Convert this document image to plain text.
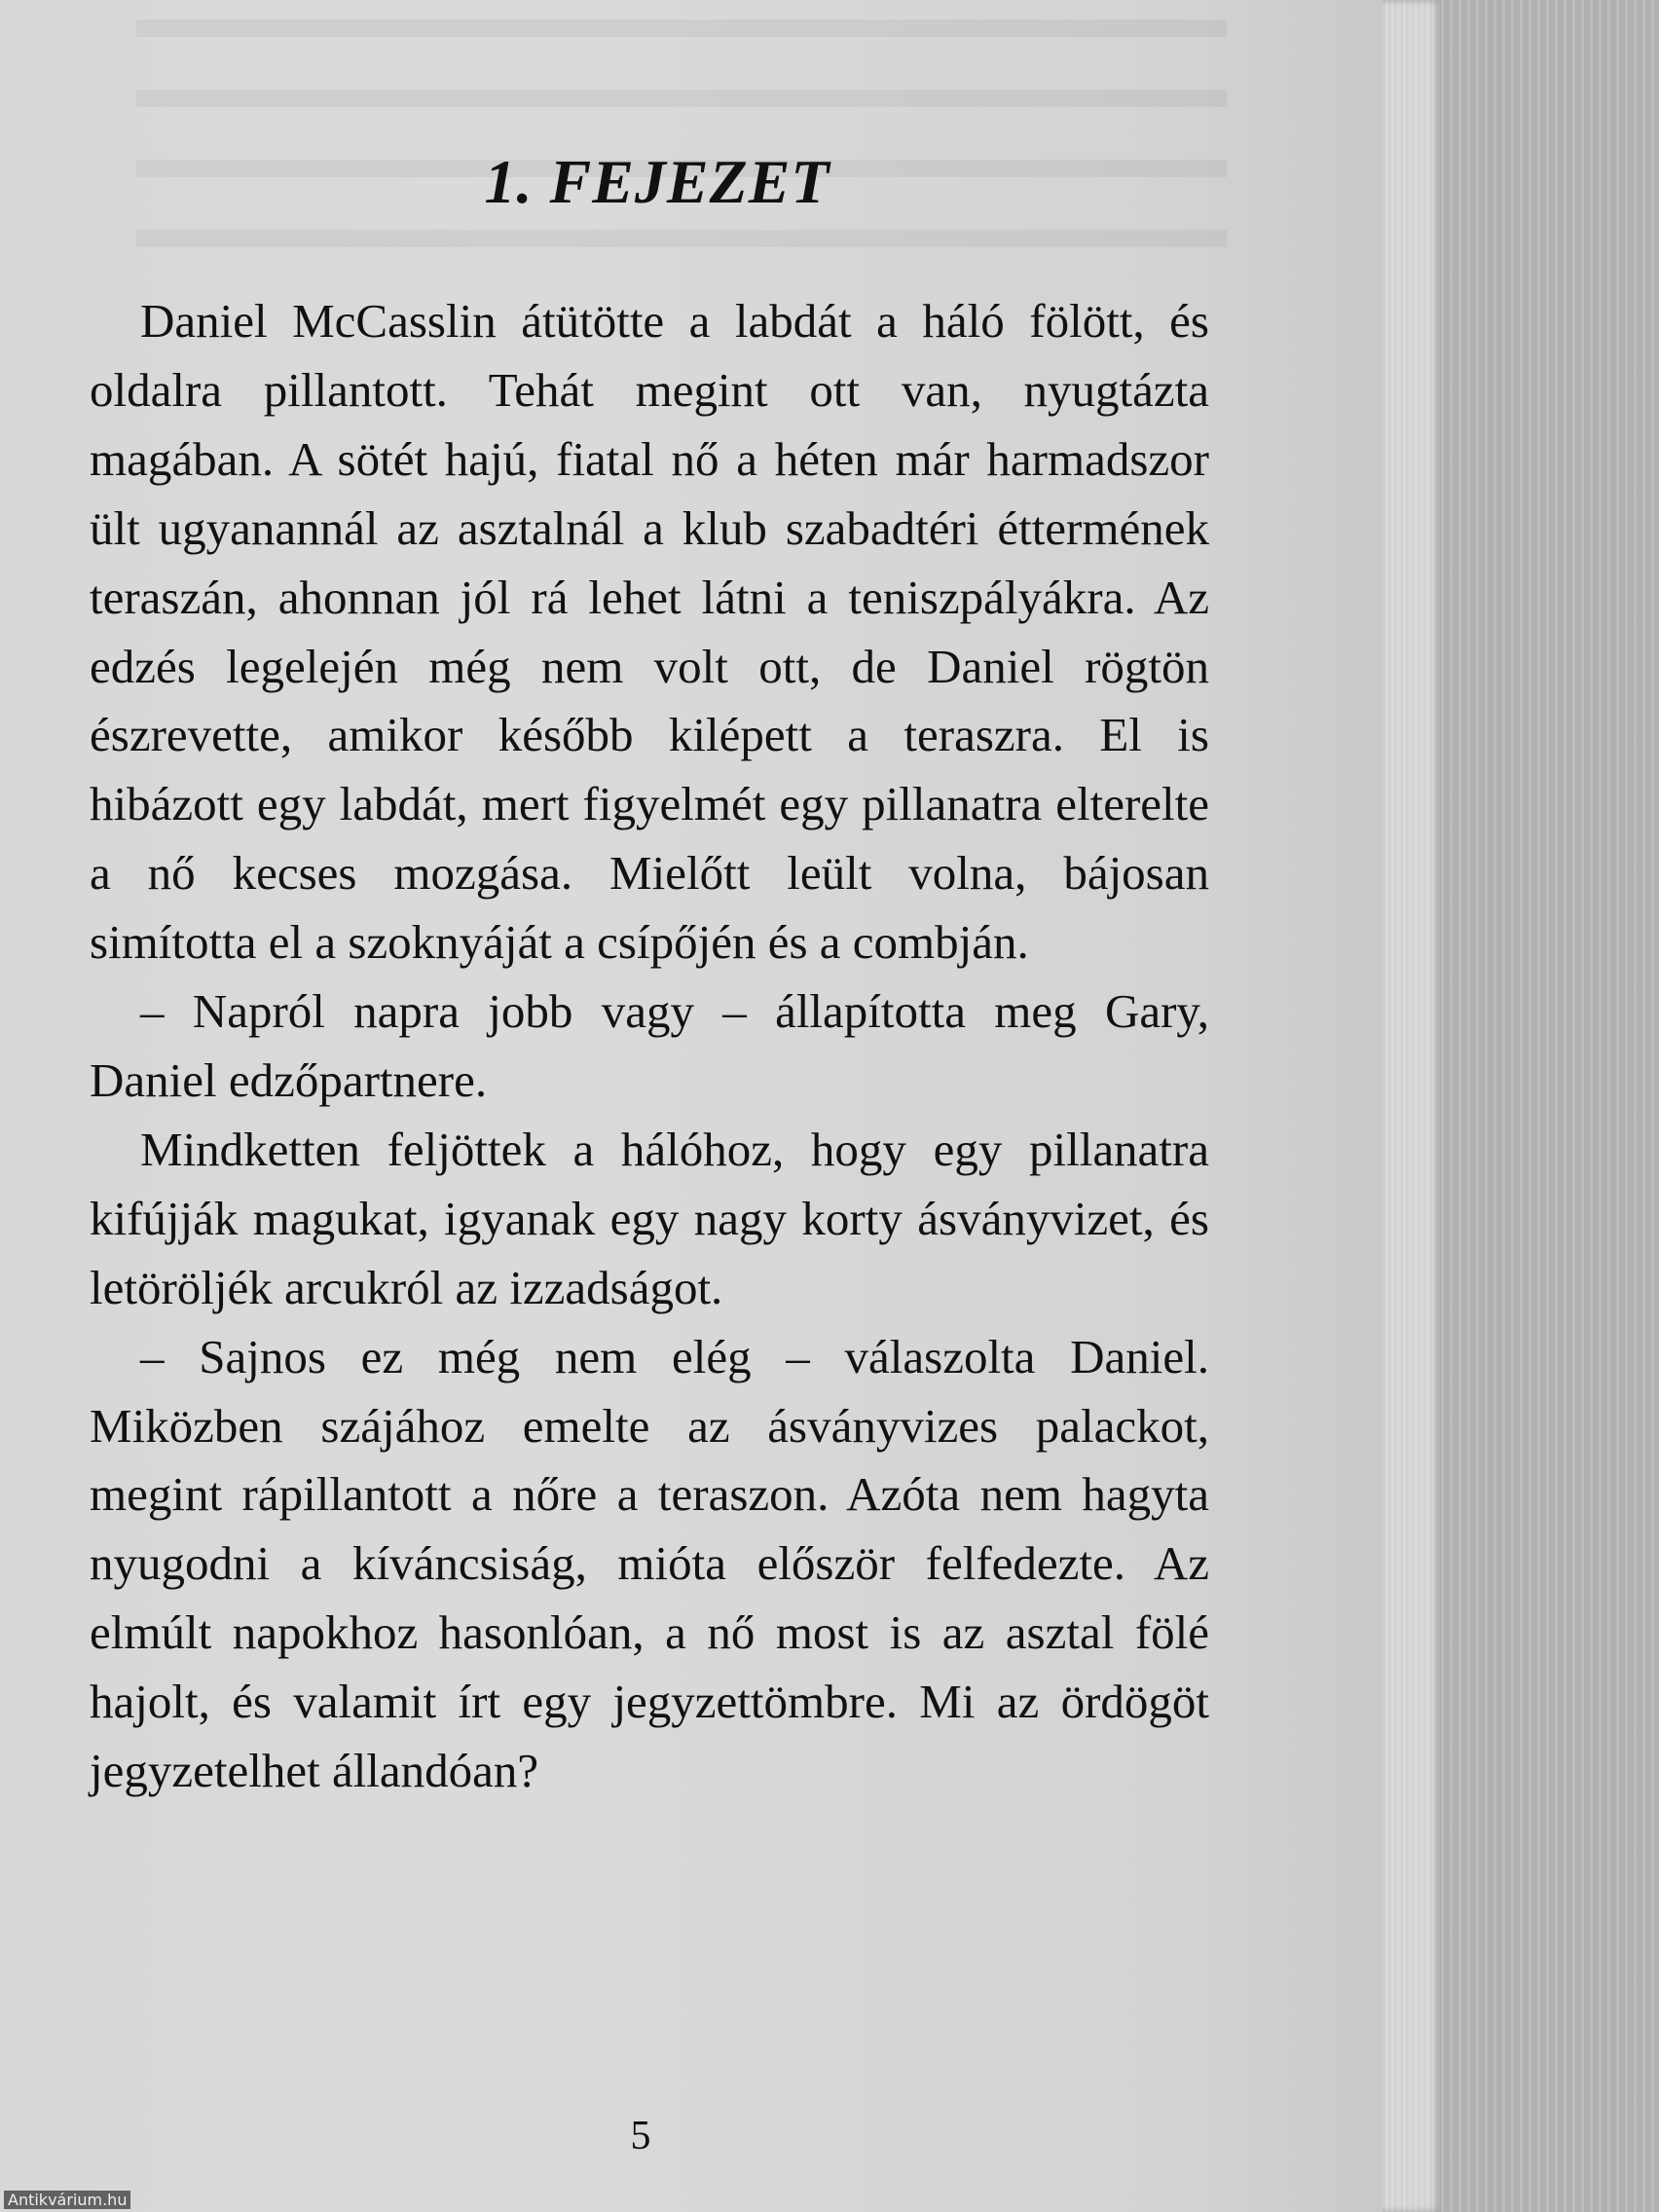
1. FEJEZET

Daniel McCasslin átütötte a labdát a háló fölött, és oldalra pillantott. Tehát megint ott van, nyugtázta magában. A sötét hajú, fiatal nő a héten már harmadszor ült ugyanannál az asztalnál a klub szabadtéri éttermének teraszán, ahonnan jól rá lehet látni a teniszpályákra. Az edzés legelején még nem volt ott, de Daniel rögtön észrevette, amikor később kilépett a teraszra. El is hibázott egy labdát, mert figyelmét egy pillanatra elterelte a nő kecses mozgása. Mielőtt leült volna, bájosan simította el a szoknyáját a csípőjén és a combján.

– Napról napra jobb vagy – állapította meg Gary, Daniel edzőpartnere.

Mindketten feljöttek a hálóhoz, hogy egy pillanatra kifújják magukat, igyanak egy nagy korty ásványvizet, és letöröljék arcukról az izzadságot.

– Sajnos ez még nem elég – válaszolta Daniel. Miközben szájához emelte az ásványvizes palackot, megint rápillantott a nőre a teraszon. Azóta nem hagyta nyugodni a kíváncsiság, mióta először felfedezte. Az elmúlt napokhoz hasonlóan, a nő most is az asztal fölé hajolt, és valamit írt egy jegyzettömbre. Mi az ördögöt jegyzetelhet állandóan?

5
Antikvárium.hu
